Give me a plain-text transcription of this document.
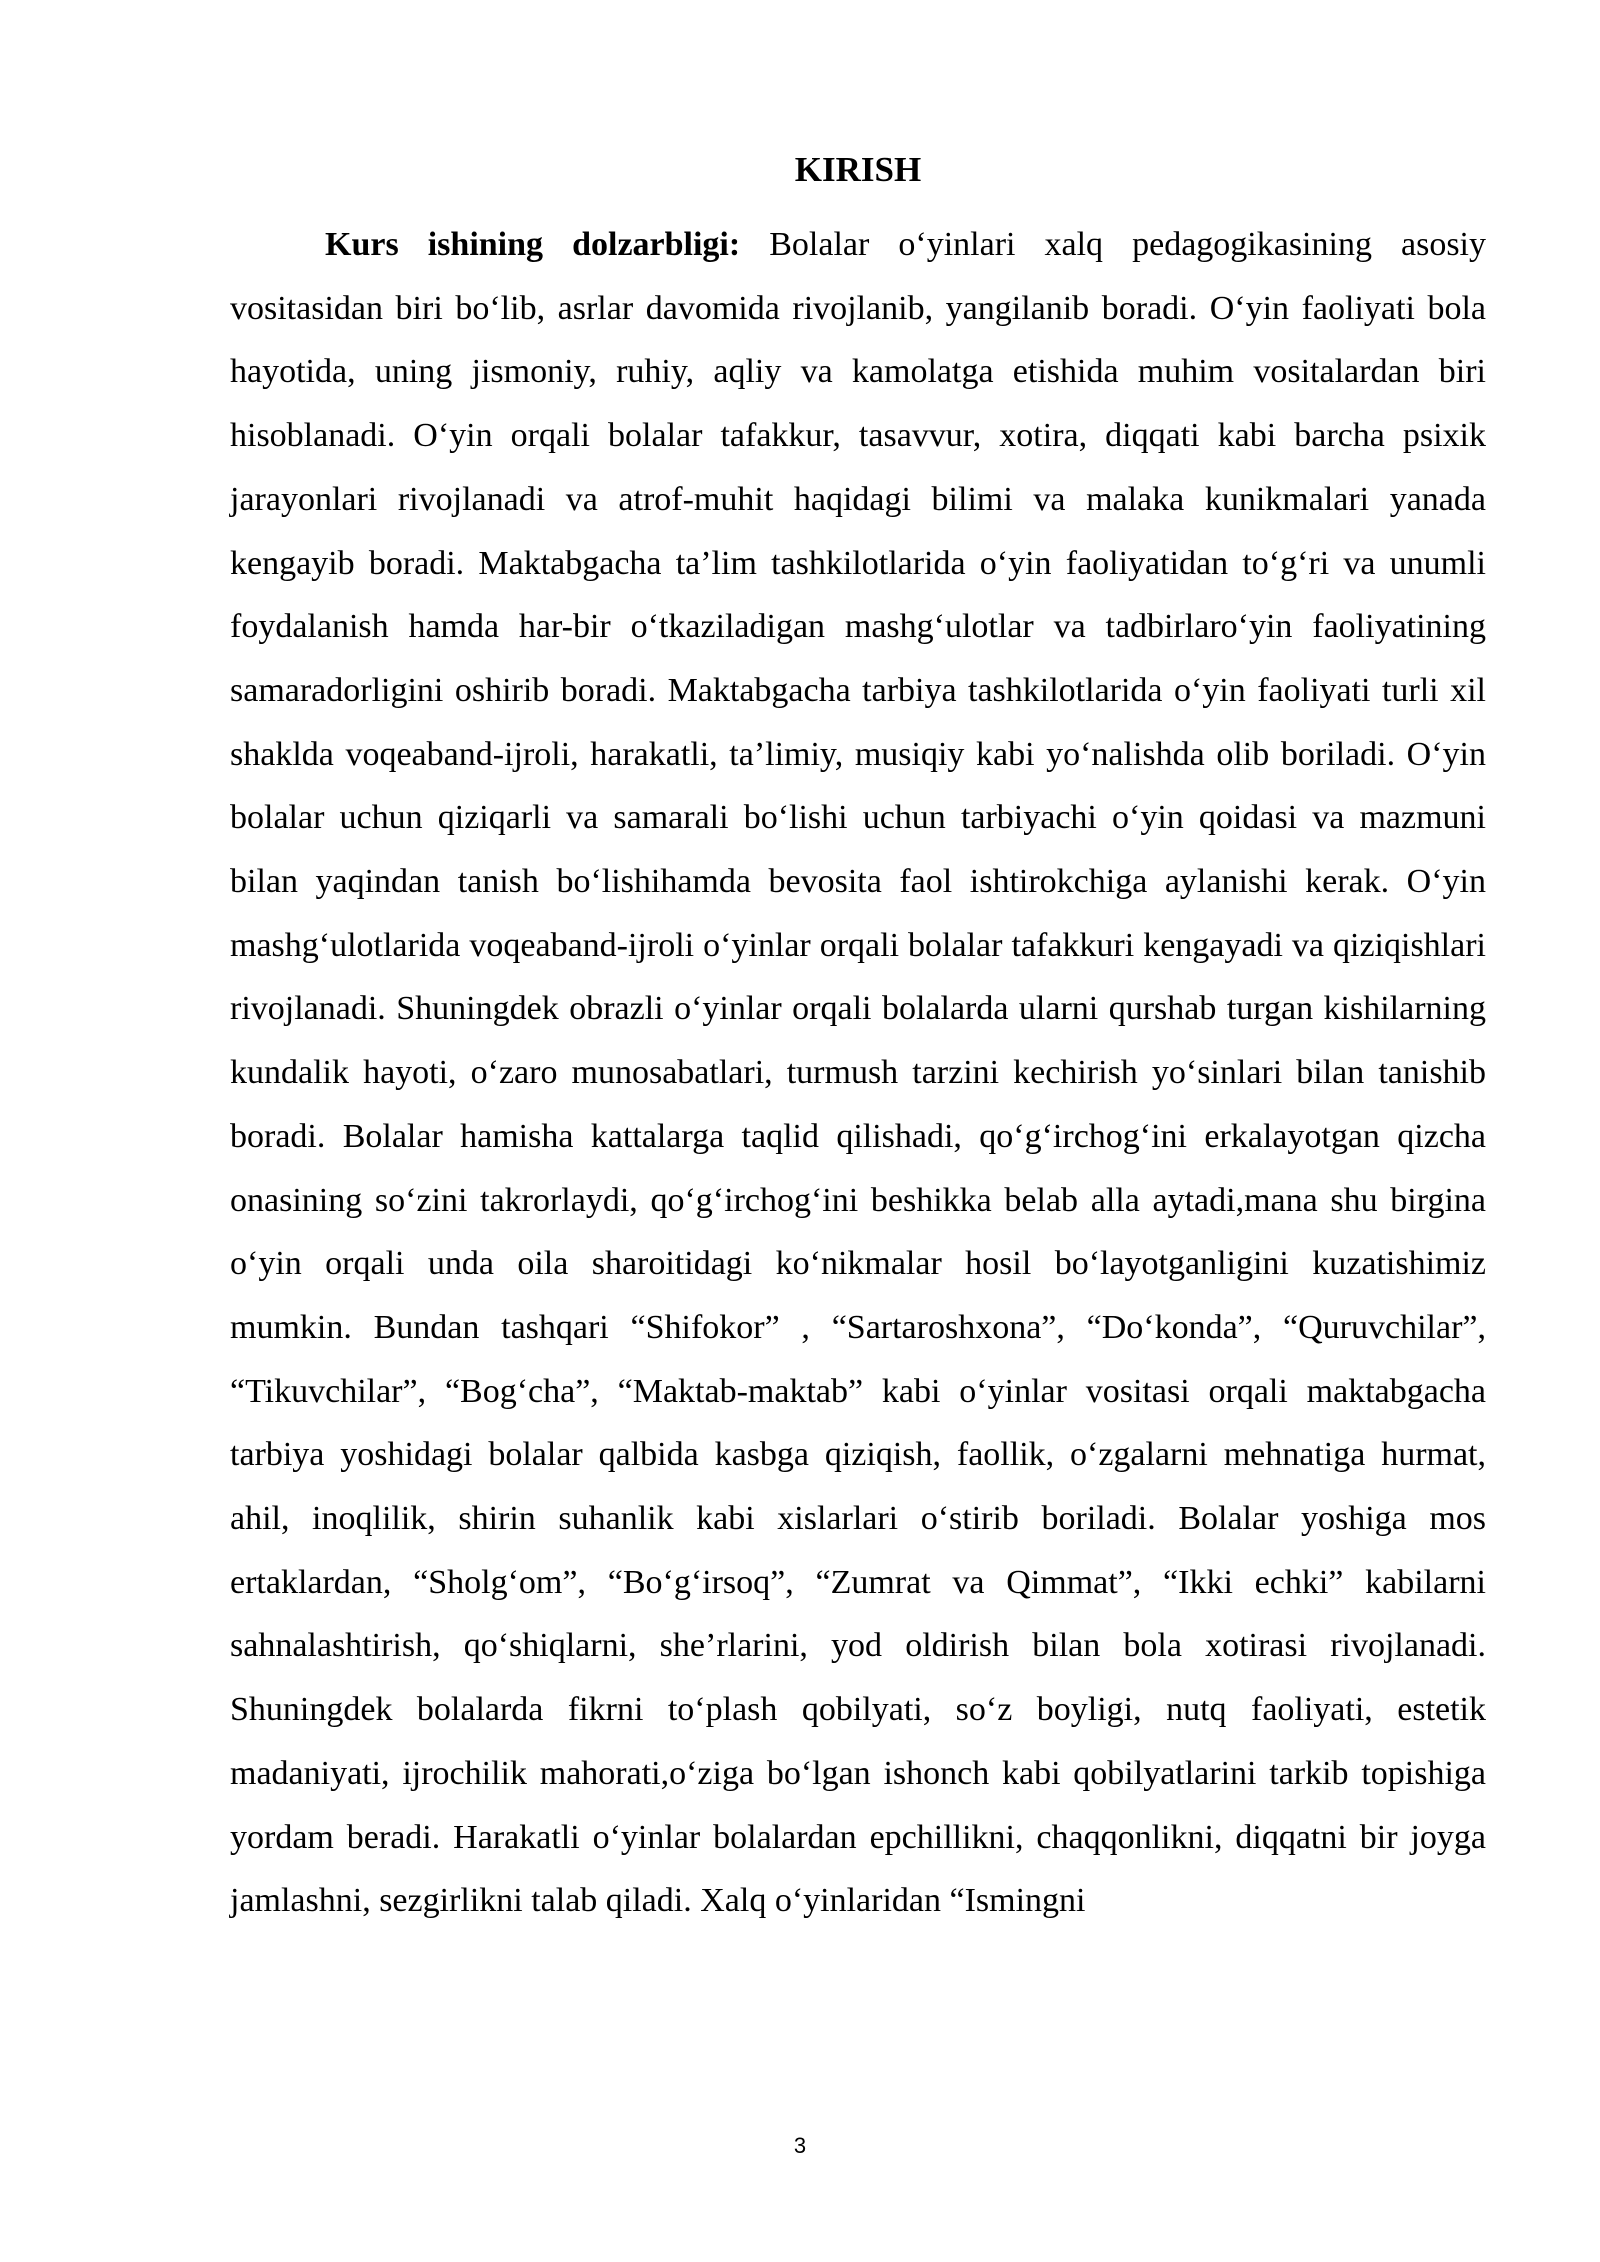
KIRISH

Kurs ishining dolzarbligi: Bolalar o‘yinlari xalq pedagogikasining asosiy vositasidan biri bo‘lib, asrlar davomida rivojlanib, yangilanib boradi. O‘yin faoliyati bola hayotida, uning jismoniy, ruhiy, aqliy va kamolatga etishida muhim vositalardan biri hisoblanadi. O‘yin orqali bolalar tafakkur, tasavvur, xotira, diqqati kabi barcha psixik jarayonlari rivojlanadi va atrof-muhit haqidagi bilimi va malaka kunikmalari yanada kengayib boradi. Maktabgacha ta’lim tashkilotlarida o‘yin faoliyatidan to‘g‘ri va unumli foydalanish hamda har-bir o‘tkaziladigan mashg‘ulotlar va tadbirlaro‘yin faoliyatining samaradorligini oshirib boradi. Maktabgacha tarbiya tashkilotlarida o‘yin faoliyati turli xil shaklda voqeaband-ijroli, harakatli, ta’limiy, musiqiy kabi yo‘nalishda olib boriladi. O‘yin bolalar uchun qiziqarli va samarali bo‘lishi uchun tarbiyachi o‘yin qoidasi va mazmuni bilan yaqindan tanish bo‘lishihamda bevosita faol ishtirokchiga aylanishi kerak. O‘yin mashg‘ulotlarida voqeaband-ijroli o‘yinlar orqali bolalar tafakkuri kengayadi va qiziqishlari rivojlanadi. Shuningdek obrazli o‘yinlar orqali bolalarda ularni qurshab turgan kishilarning kundalik hayoti, o‘zaro munosabatlari, turmush tarzini kechirish yo‘sinlari bilan tanishib boradi. Bolalar hamisha kattalarga taqlid qilishadi, qo‘g‘irchog‘ini erkalayotgan qizcha onasining so‘zini takrorlaydi, qo‘g‘irchog‘ini beshikka belab alla aytadi,mana shu birgina o‘yin orqali unda oila sharoitidagi ko‘nikmalar hosil bo‘layotganligini kuzatishimiz mumkin. Bundan tashqari “Shifokor” , “Sartaroshxona”, “Do‘konda”, “Quruvchilar”, “Tikuvchilar”, “Bog‘cha”, “Maktab-maktab” kabi o‘yinlar vositasi orqali maktabgacha tarbiya yoshidagi bolalar qalbida kasbga qiziqish, faollik, o‘zgalarni mehnatiga hurmat, ahil, inoqlilik, shirin suhanlik kabi xislarlari o‘stirib boriladi. Bolalar yoshiga mos ertaklardan, “Sholg‘om”, “Bo‘g‘irsoq”, “Zumrat va Qimmat”, “Ikki echki” kabilarni sahnalashtirish, qo‘shiqlarni, she’rlarini, yod oldirish bilan bola xotirasi rivojlanadi. Shuningdek bolalarda fikrni to‘plash qobilyati, so‘z boyligi, nutq faoliyati, estetik madaniyati, ijrochilik mahorati,o‘ziga bo‘lgan ishonch kabi qobilyatlarini tarkib topishiga yordam beradi. Harakatli o‘yinlar bolalardan epchillikni, chaqqonlikni, diqqatni bir joyga jamlashni, sezgirlikni talab qiladi. Xalq o‘yinlaridan “Ismingni

3
